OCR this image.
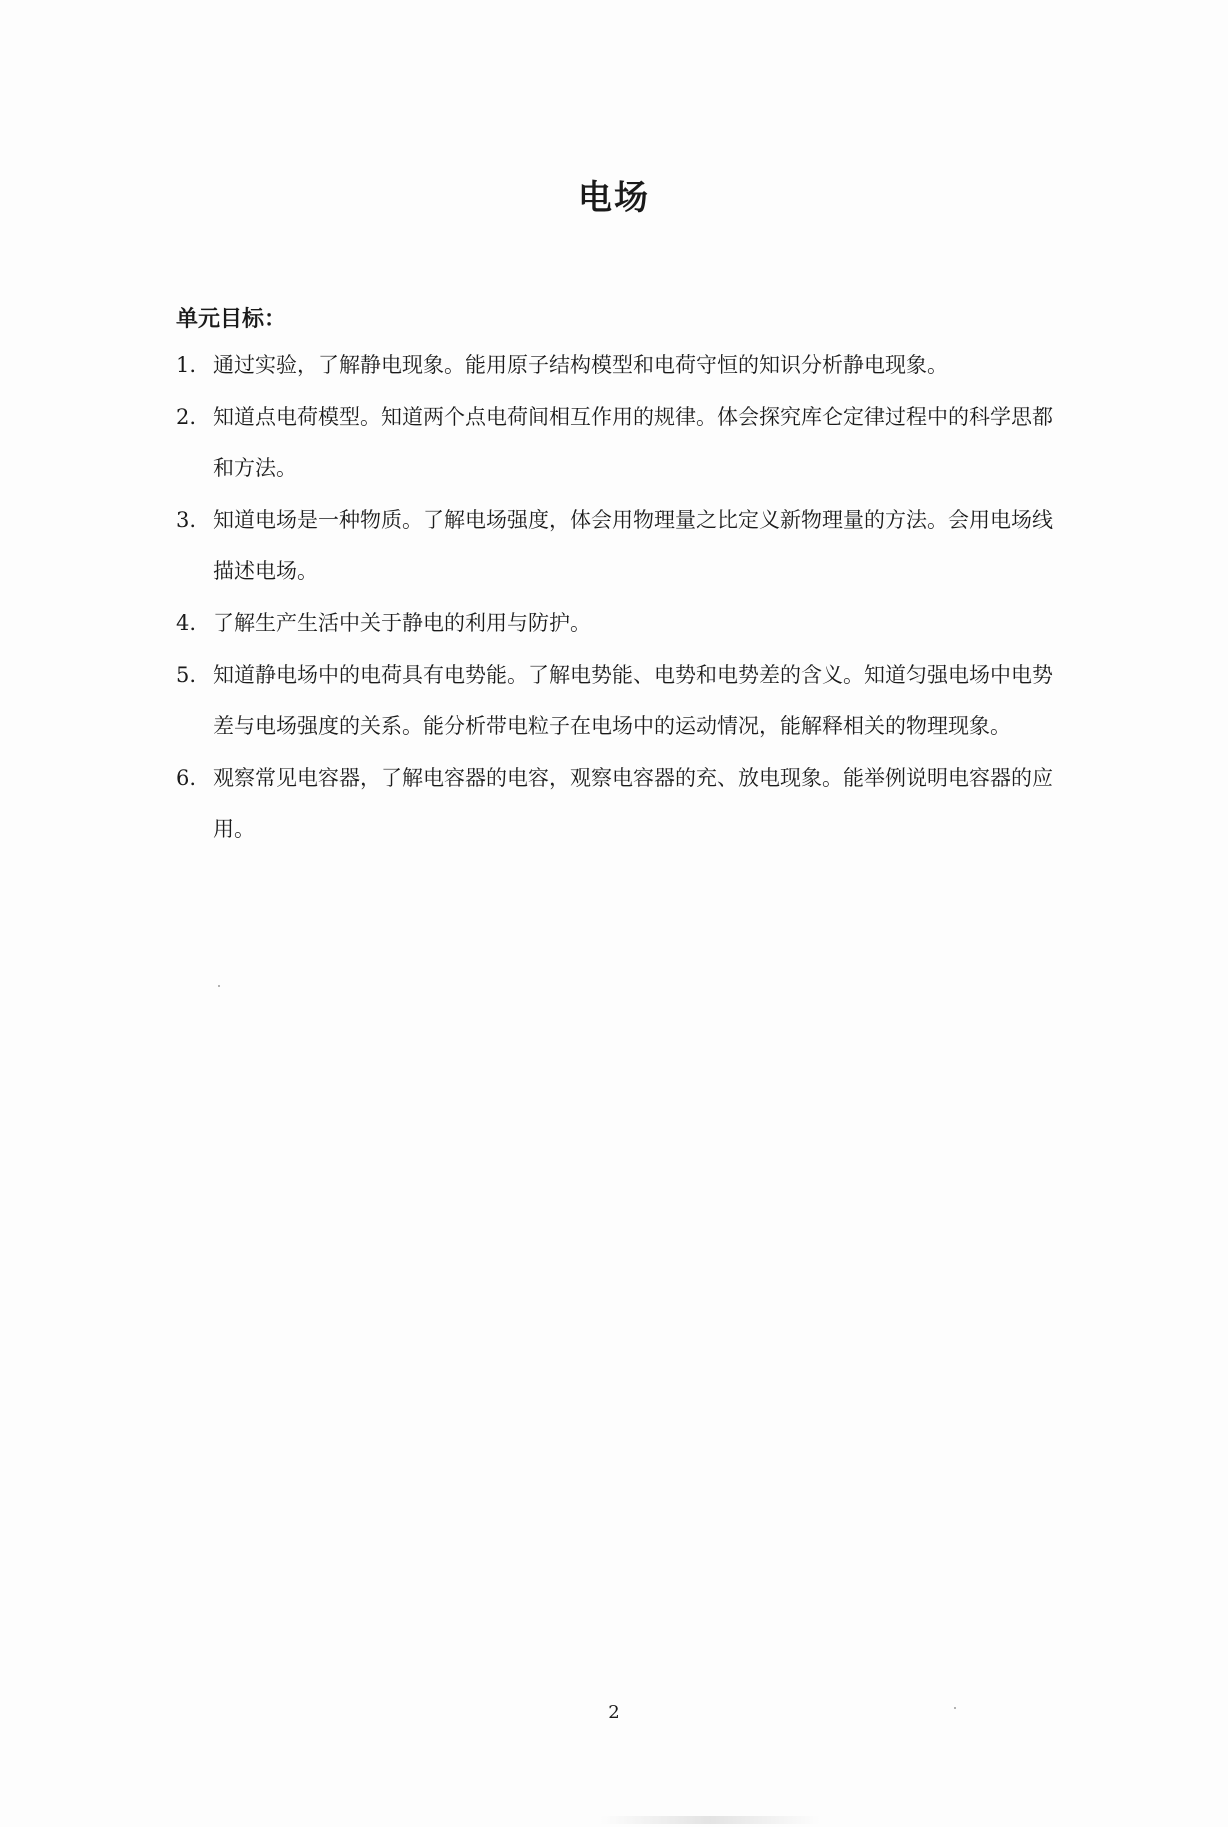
电场
单元目标：
1. 通过实验，了解静电现象。能用原子结构模型和电荷守恒的知识分析静电现象。
2. 知道点电荷模型。知道两个点电荷间相互作用的规律。体会探究库仑定律过程中的科学思都和方法。
3. 知道电场是一种物质。了解电场强度，体会用物理量之比定义新物理量的方法。会用电场线描述电场。
4. 了解生产生活中关于静电的利用与防护。
5. 知道静电场中的电荷具有电势能。了解电势能、电势和电势差的含义。知道匀强电场中电势差与电场强度的关系。能分析带电粒子在电场中的运动情况，能解释相关的物理现象。
6. 观察常见电容器，了解电容器的电容，观察电容器的充、放电现象。能举例说明电容器的应用。
2
